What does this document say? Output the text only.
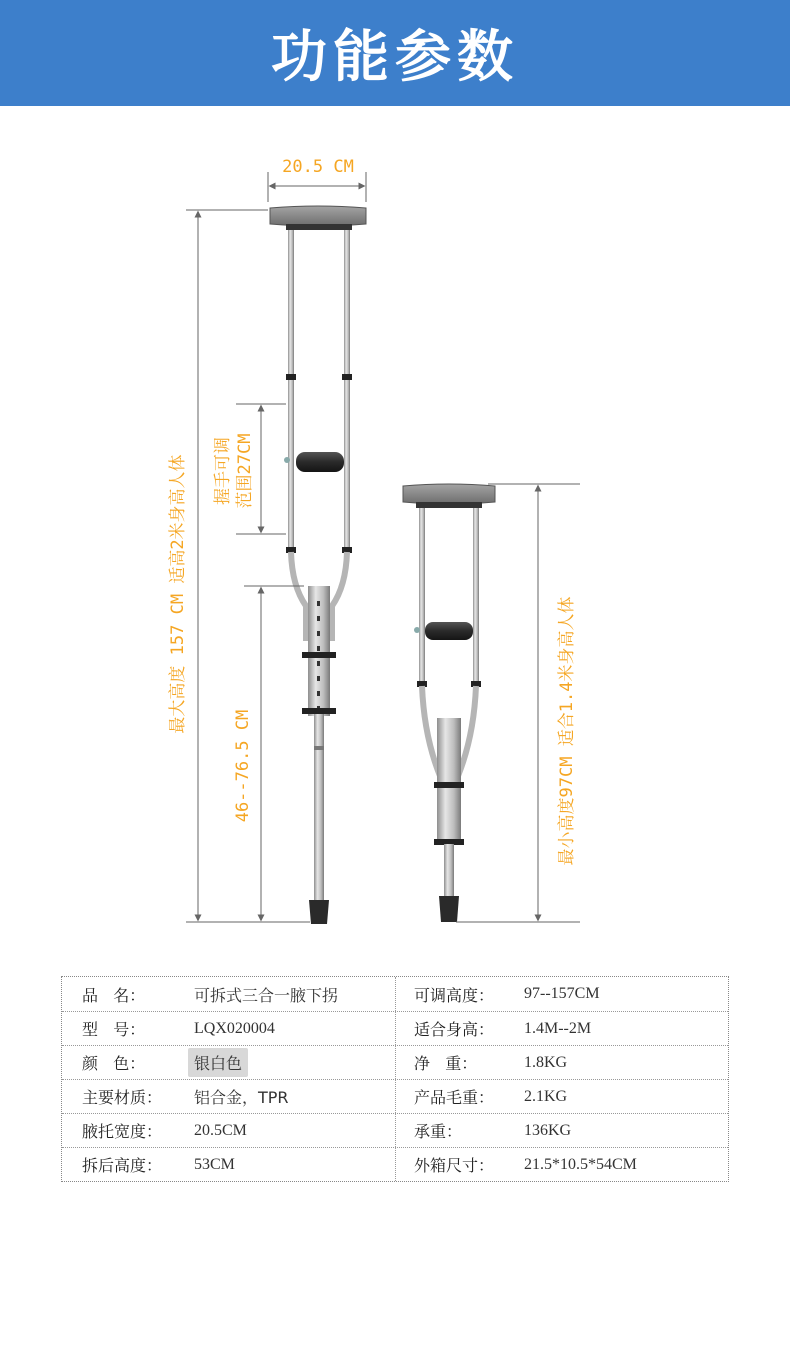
功能参数
20.5 CM
最大高度 157 CM 适高2米身高人体 握手可调 范围27CM
46--76.5 CM	最小高度97CM 适合1.4米身高人体
品   名：	可拆式三合一腋下拐	可调高度：	97--157CM
型   号：	LQX020004	适合身高：	1.4M--2M
颜   色：	银白色	净   重：	1.8KG
主要材质：	铝合金，TPR	产品毛重：	2.1KG
腋托宽度：	20.5CM	承重：	136KG
拆后高度：	53CM	外箱尺寸：	21.5*10.5*54CM
